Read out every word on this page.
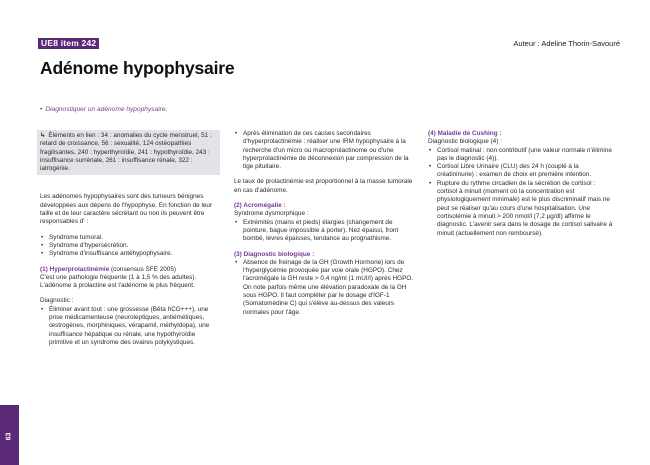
UE8 item 242	Auteur : Adeline Thorin-Savouré
Adénome hypophysaire
• Diagnostiquer un adénome hypophysaire.
↳ Éléments en lien : 34 : anomalies du cycle menstruel, 51 : retard de croissance, 56 : sexualité, 124 ostéopathies fragilisantes, 240 : hyperthyroïdie, 241 : hypothyroïdie, 243 : insuffisance surrénale, 261 : insuffisance rénale, 322 : iatrogénie.
Les adénomes hypophysaires sont des tumeurs bénignes développées aux dépens de l'hypophyse. En fonction de leur taille et de leur caractère sécrétant ou non ils peuvent être responsables d' :
• Syndrome tumoral.
• Syndrome d'hypersécrétion.
• Syndrome d'insuffisance antéhypophysaire.
(1) Hyperprolactinémie (consensus SFE 2005)
C'est une pathologie fréquente (1 à 1,5 % des adultes). L'adénome à prolactine est l'adénome le plus fréquent.
Diagnostic :
• Éliminer avant tout : une grossesse (Bêta hCG+++), une prise médicamenteuse (neuroleptiques, antiémétiques, œstrogènes, morphiniques, vérapamil, méthyldopa), une insuffisance hépatique ou rénale, une hypothyroïdie primitive et un syndrome des ovaires polykystiques.
• Après élimination de ces causes secondaires d'hyperprolactinémie : réaliser une IRM hypophysaire à la recherche d'un micro ou macroprolactinome ou d'une hyperprolactinémie de déconnexion par compression de la tige pituitaire.
Le taux de prolactinémie est proportionnel à la masse tumorale en cas d'adénome.
(2) Acromégalie :
Syndrome dysmorphique :
• Extrémités (mains et pieds) élargies (changement de pointure, bague impossible à porter). Nez épaissi, front bombé, lèvres épaisses, tendance au prognathisme.
(3) Diagnostic biologique :
• Absence de freinage de la GH (Growth Hormone) lors de l'hyperglycémie provoquée par voie orale (HGPO). Chez l'acromégale la GH reste > 0,4 ng/ml (1 mUI/l) après HGPO. On note parfois même une élévation paradoxale de la GH sous HGPO. Il faut compléter par le dosage d'IGF-1 (Somatomédine C) qui s'élève au-dessus des valeurs normales pour l'âge.
(4) Maladie de Cushing :
Diagnostic biologique (4) :
• Cortisol matinal : non contributif (une valeur normale n'élimine pas le diagnostic (4)).
• Cortisol Libre Urinaire (CLU) des 24 h (couplé à la créatininurie) : examen de choix en première intention.
• Rupture du rythme circadien de la sécrétion de cortisol : cortisol à minuit (moment où la concentration est physiologiquement minimale) est le plus discriminatif mais ne peut se réaliser qu'au cours d'une hospitalisation. Une cortisolémie à minuit > 200 nmol/l (7,2 µg/dl) affirme le diagnostic. L'avenir sera dans le dosage de cortisol salivaire à minuit (actuellement non remboursé).
63
